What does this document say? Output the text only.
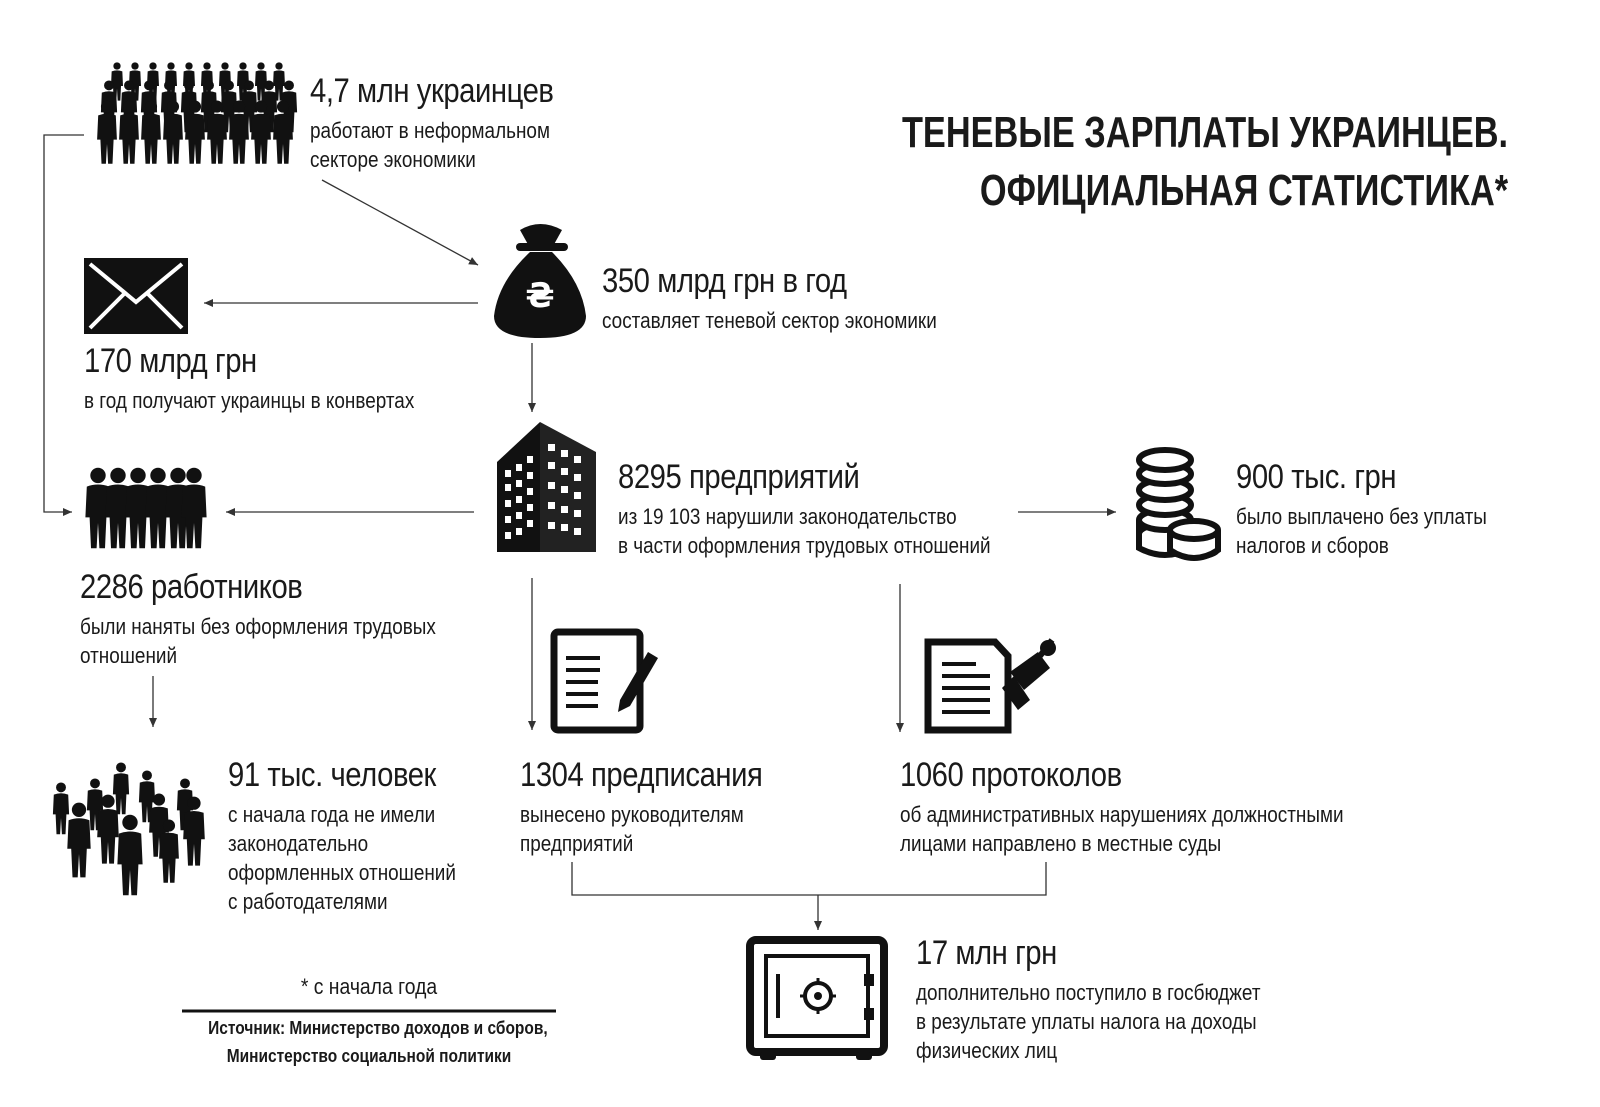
₴
ТЕНЕВЫЕ ЗАРПЛАТЫ УКРАИНЦЕВ.
ОФИЦИАЛЬНАЯ СТАТИСТИКА*
4,7 млн украинцев
работают в неформальном
секторе экономики
350 млрд грн в год
составляет теневой сектор экономики
170 млрд грн
в год получают украинцы в конвертах
8295 предприятий
из 19 103 нарушили законодательство
в части оформления трудовых отношений
900 тыс. грн
было выплачено без уплаты
налогов и сборов
2286 работников
были наняты без оформления трудовых
отношений
91 тыс. человек
с начала года не имели
законодательно
оформленных отношений
с работодателями
1304 предписания
вынесено руководителям
предприятий
1060 протоколов
об административных нарушениях должностными
лицами направлено в местные суды
17 млн грн
дополнительно поступило в госбюджет
в результате уплаты налога на доходы
физических лиц
* с начала года
Источник: Министерство доходов и сборов,
Министерство социальной политики
